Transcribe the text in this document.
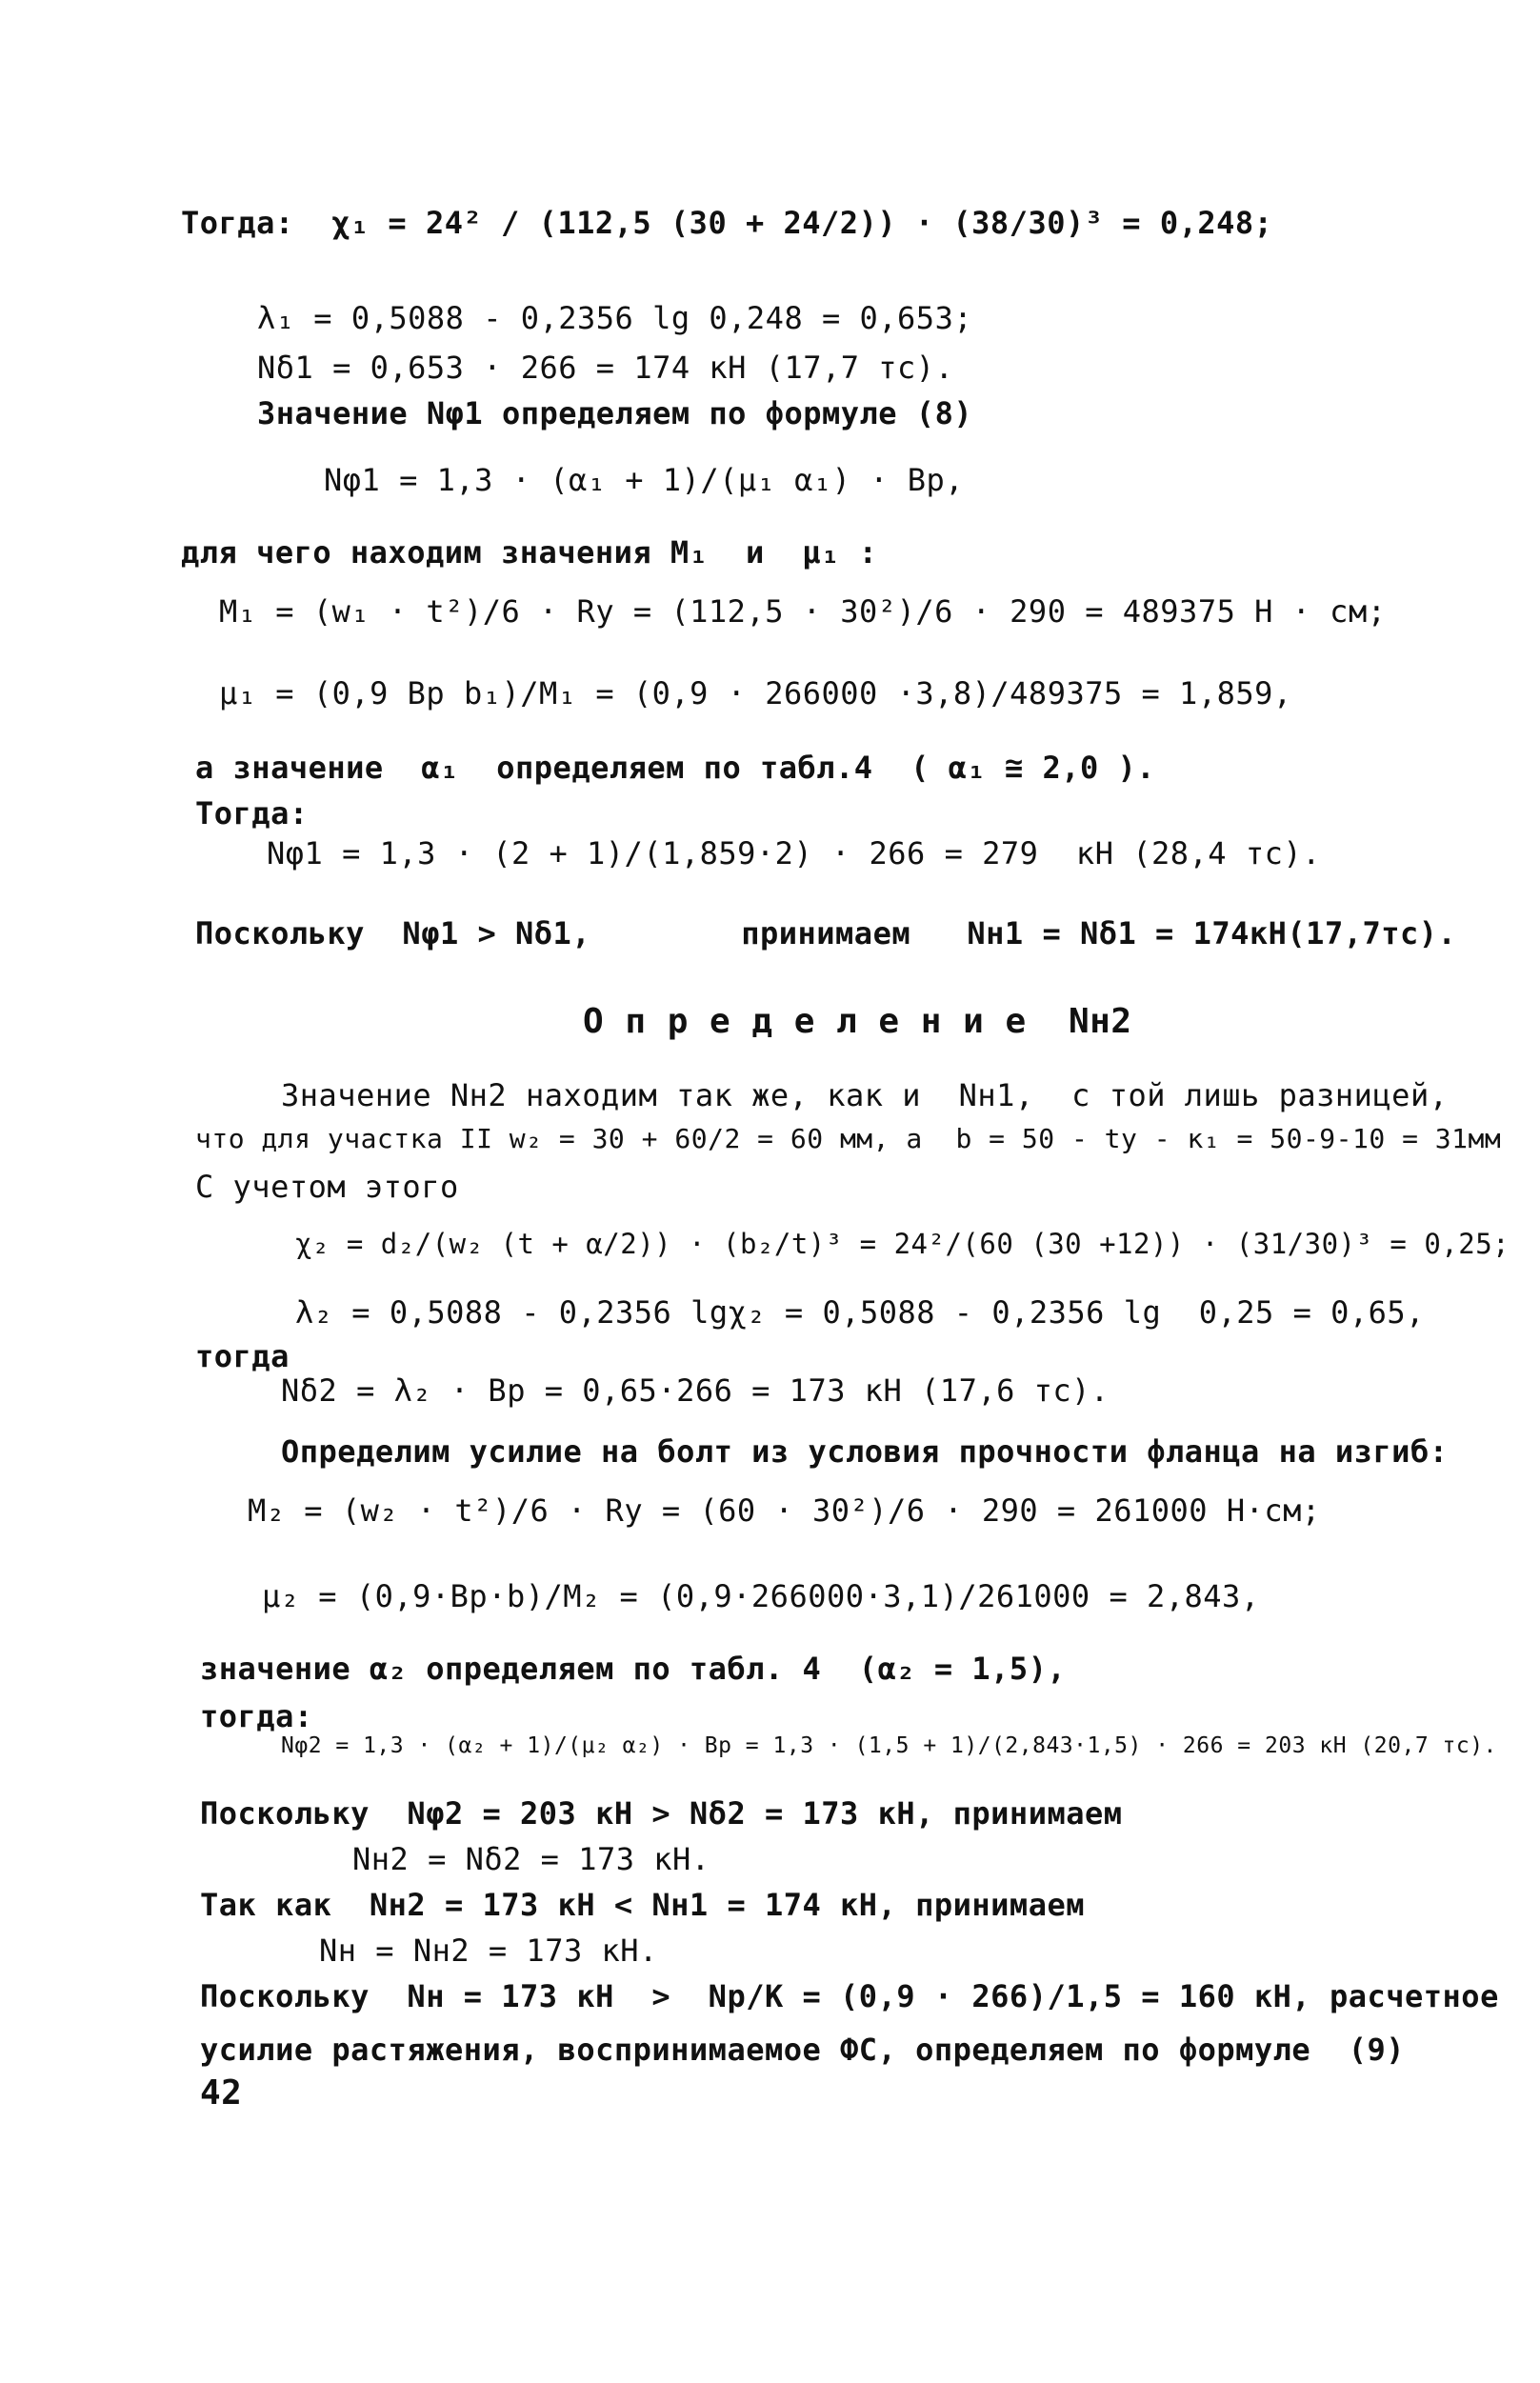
Тогда:  χ₁ = 24² / (112,5 (30 + 24/2)) · (38/30)³ = 0,248;
λ₁ = 0,5088 - 0,2356 lg 0,248 = 0,653;
Nδ1 = 0,653 · 266 = 174 кН (17,7 тс).
Значение Nφ1 определяем по формуле (8)
Nφ1 = 1,3 · (α₁ + 1)/(μ₁ α₁) · Bp,
для чего находим значения M₁  и  μ₁ :
M₁ = (w₁ · t²)/6 · Ry = (112,5 · 30²)/6 · 290 = 489375 Н · см;
μ₁ = (0,9 Bp b₁)/M₁ = (0,9 · 266000 ·3,8)/489375 = 1,859,
а значение  α₁  определяем по табл.4  ( α₁ ≅ 2,0 ).
Тогда:
Nφ1 = 1,3 · (2 + 1)/(1,859·2) · 266 = 279  кН (28,4 тс).
Поскольку  Nφ1 > Nδ1,        принимаем   Nн1 = Nδ1 = 174кН(17,7тс).
О п р е д е л е н и е  Nн2
Значение Nн2 находим так же, как и  Nн1,  с той лишь разницей,
что для участка II w₂ = 30 + 60/2 = 60 мм, а  b = 50 - tу - к₁ = 50-9-10 = 31мм
С учетом этого
χ₂ = d₂/(w₂ (t + α/2)) · (b₂/t)³ = 24²/(60 (30 +12)) · (31/30)³ = 0,25;
λ₂ = 0,5088 - 0,2356 lgχ₂ = 0,5088 - 0,2356 lg  0,25 = 0,65,
тогда
Nδ2 = λ₂ · Bp = 0,65·266 = 173 кН (17,6 тс).
Определим усилие на болт из условия прочности фланца на изгиб:
M₂ = (w₂ · t²)/6 · Ry = (60 · 30²)/6 · 290 = 261000 Н·см;
μ₂ = (0,9·Bp·b)/M₂ = (0,9·266000·3,1)/261000 = 2,843,
значение α₂ определяем по табл. 4  (α₂ = 1,5),
тогда:
Nφ2 = 1,3 · (α₂ + 1)/(μ₂ α₂) · Bp = 1,3 · (1,5 + 1)/(2,843·1,5) · 266 = 203 кН (20,7 тс).
Поскольку  Nφ2 = 203 кН > Nδ2 = 173 кН, принимаем
Nн2 = Nδ2 = 173 кН.
Так как  Nн2 = 173 кН < Nн1 = 174 кН, принимаем
Nн = Nн2 = 173 кН.
Поскольку  Nн = 173 кН  >  Nр/K = (0,9 · 266)/1,5 = 160 кН, расчетное
усилие растяжения, воспринимаемое ФС, определяем по формуле  (9)
42
